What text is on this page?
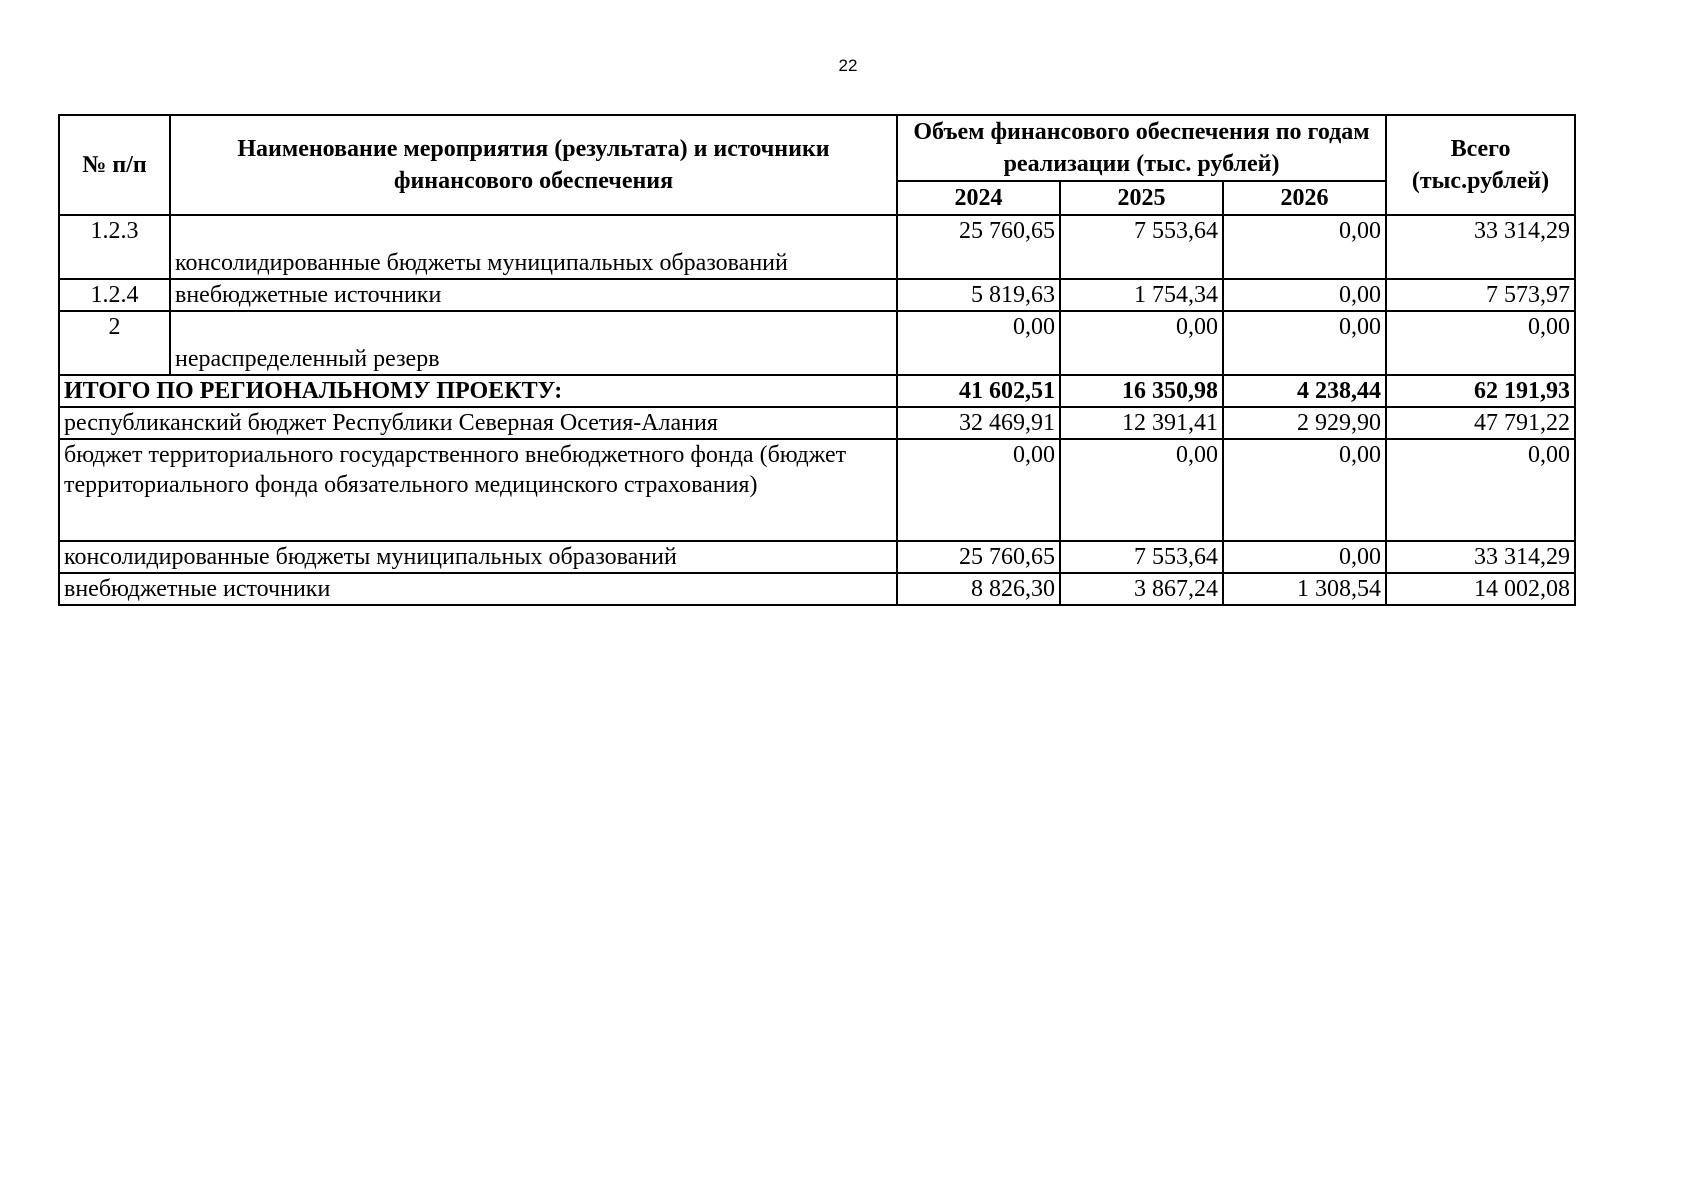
22
№ п/п	Наименование мероприятия (результата) и источники финансового обеспечения	Объем финансового обеспечения по годам реализации (тыс. рублей)			Всего (тыс.рублей)
		2024	2025	2026	
1.2.3	консолидированные бюджеты муниципальных образований	25 760,65	7 553,64	0,00	33 314,29
1.2.4	внебюджетные источники	5 819,63	1 754,34	0,00	7 573,97
2	нераспределенный резерв	0,00	0,00	0,00	0,00
ИТОГО ПО РЕГИОНАЛЬНОМУ ПРОЕКТУ:		41 602,51	16 350,98	4 238,44	62 191,93
республиканский бюджет Республики Северная Осетия-Алания		32 469,91	12 391,41	2 929,90	47 791,22
бюджет территориального государственного внебюджетного фонда (бюджет территориального фонда обязательного медицинского страхования)		0,00	0,00	0,00	0,00
консолидированные бюджеты муниципальных образований		25 760,65	7 553,64	0,00	33 314,29
внебюджетные источники		8 826,30	3 867,24	1 308,54	14 002,08
